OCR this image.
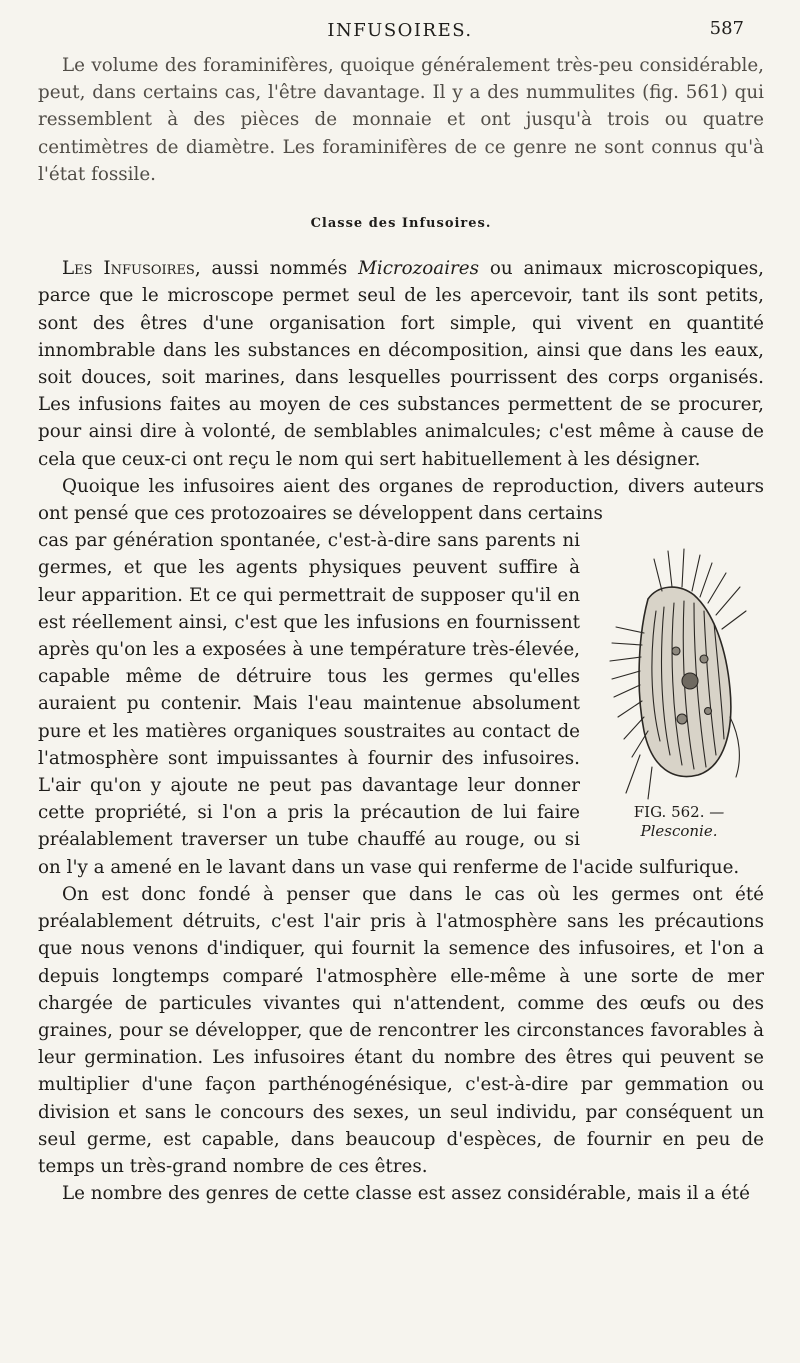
INFUSOIRES.	587

Le volume des foraminifères, quoique généralement très-peu considérable, peut, dans certains cas, l'être davantage. Il y a des nummulites (fig. 561) qui ressemblent à des pièces de monnaie et ont jusqu'à trois ou quatre centimètres de diamètre. Les foraminifères de ce genre ne sont connus qu'à l'état fossile.

Classe des Infusoires.

Les Infusoires, aussi nommés Microzoaires ou animaux microscopiques, parce que le microscope permet seul de les apercevoir, tant ils sont petits, sont des êtres d'une organisation fort simple, qui vivent en quantité innombrable dans les substances en décomposition, ainsi que dans les eaux, soit douces, soit marines, dans lesquelles pourrissent des corps organisés. Les infusions faites au moyen de ces substances permettent de se procurer, pour ainsi dire à volonté, de semblables animalcules; c'est même à cause de cela que ceux-ci ont reçu le nom qui sert habituellement à les désigner.

Quoique les infusoires aient des organes de reproduction, divers auteurs ont pensé que ces protozoaires se développent dans certains

FIG. 562. — Plesconie.

cas par génération spontanée, c'est-à-dire sans parents ni germes, et que les agents physiques peuvent suffire à leur apparition. Et ce qui permettrait de supposer qu'il en est réellement ainsi, c'est que les infusions en fournissent après qu'on les a exposées à une température très-élevée, capable même de détruire tous les germes qu'elles auraient pu contenir. Mais l'eau maintenue absolument pure et les matières organiques soustraites au contact de l'atmosphère sont impuissantes à fournir des infusoires. L'air qu'on y ajoute ne peut pas davantage leur donner cette propriété, si l'on a pris la précaution de lui faire préalablement traverser un tube chauffé au rouge, ou si on l'y a amené en le lavant dans un vase qui renferme de l'acide sulfurique.

On est donc fondé à penser que dans le cas où les germes ont été préalablement détruits, c'est l'air pris à l'atmosphère sans les précautions que nous venons d'indiquer, qui fournit la semence des infusoires, et l'on a depuis longtemps comparé l'atmosphère elle-même à une sorte de mer chargée de particules vivantes qui n'attendent, comme des œufs ou des graines, pour se développer, que de rencontrer les circonstances favorables à leur germination. Les infusoires étant du nombre des êtres qui peuvent se multiplier d'une façon parthénogénésique, c'est-à-dire par gemmation ou division et sans le concours des sexes, un seul individu, par conséquent un seul germe, est capable, dans beaucoup d'espèces, de fournir en peu de temps un très-grand nombre de ces êtres.

Le nombre des genres de cette classe est assez considérable, mais il a été
